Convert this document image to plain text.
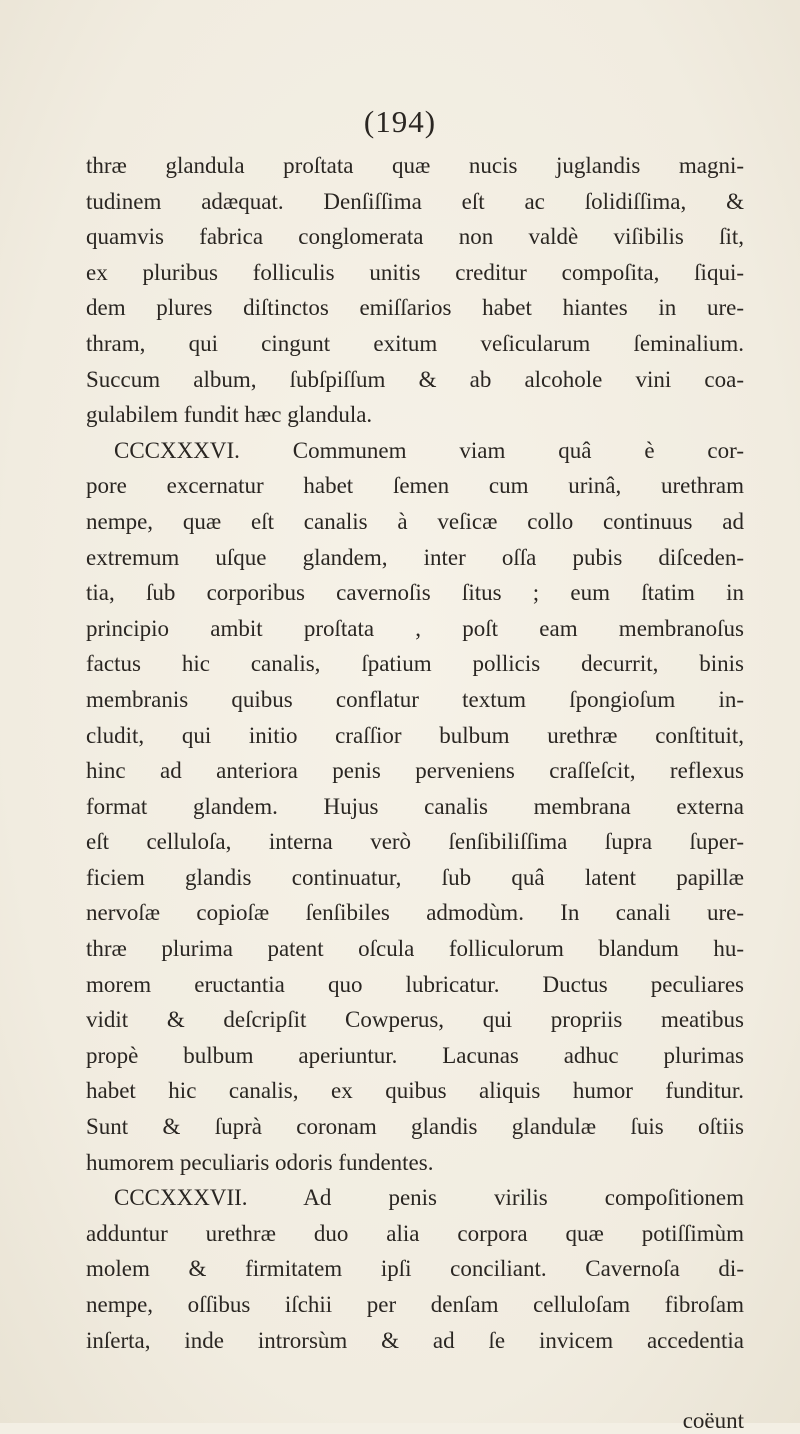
(194)
thræ glandula proſtata quæ nucis juglandis magni-
tudinem adæquat. Denſiſſima eſt ac ſolidiſſima, &
quamvis fabrica conglomerata non valdè viſibilis ſit,
ex pluribus folliculis unitis creditur compoſita, ſiqui-
dem plures diſtinctos emiſſarios habet hiantes in ure-
thram, qui cingunt exitum veſicularum ſeminalium.
Succum album, ſubſpiſſum & ab alcohole vini coa-
gulabilem fundit hæc glandula.
CCCXXXVI. Communem viam quâ è cor-
pore excernatur habet ſemen cum urinâ, urethram
nempe, quæ eſt canalis à veſicæ collo continuus ad
extremum uſque glandem, inter oſſa pubis diſceden-
tia, ſub corporibus cavernoſis ſitus ; eum ſtatim in
principio ambit proſtata , poſt eam membranoſus
factus hic canalis, ſpatium pollicis decurrit, binis
membranis quibus conflatur textum ſpongioſum in-
cludit, qui initio craſſior bulbum urethræ conſtituit,
hinc ad anteriora penis perveniens craſſeſcit, reflexus
format glandem. Hujus canalis membrana externa
eſt celluloſa, interna verò ſenſibiliſſima ſupra ſuper-
ficiem glandis continuatur, ſub quâ latent papillæ
nervoſæ copioſæ ſenſibiles admodùm. In canali ure-
thræ plurima patent oſcula folliculorum blandum hu-
morem eructantia quo lubricatur. Ductus peculiares
vidit & deſcripſit Cowperus, qui propriis meatibus
propè bulbum aperiuntur. Lacunas adhuc plurimas
habet hic canalis, ex quibus aliquis humor funditur.
Sunt & ſuprà coronam glandis glandulæ ſuis oſtiis
humorem peculiaris odoris fundentes.
CCCXXXVII. Ad penis virilis compoſitionem
adduntur urethræ duo alia corpora quæ potiſſimùm
molem & firmitatem ipſi conciliant. Cavernoſa di-
nempe, oſſibus iſchii per denſam celluloſam fibroſam
inſerta, inde introrsùm & ad ſe invicem accedentia
coëunt
